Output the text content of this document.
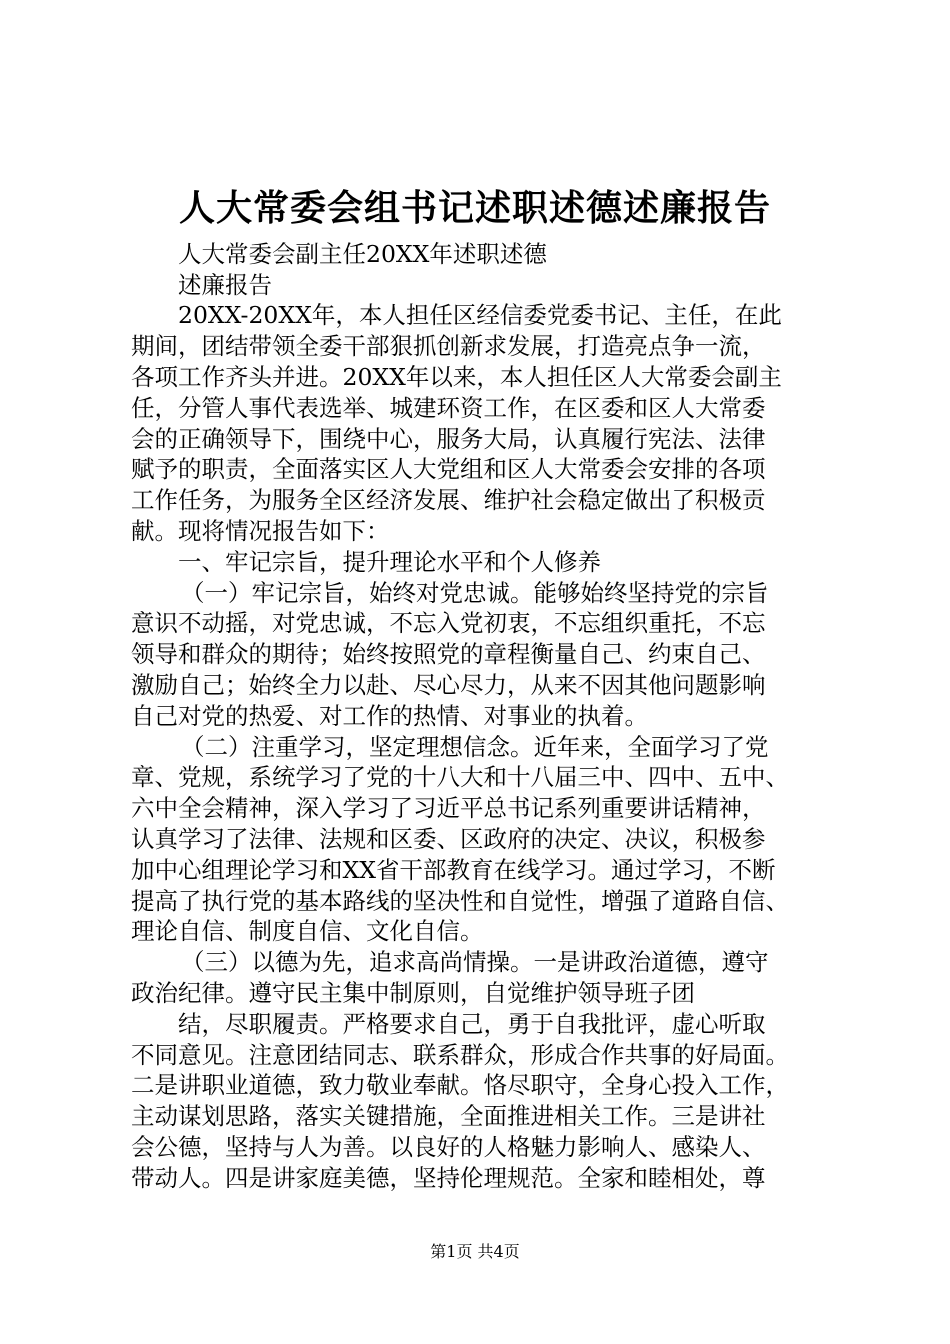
人大常委会组书记述职述德述廉报告

人大常委会副主任20XX年述职述德

述廉报告

20XX-20XX年，本人担任区经信委党委书记、主任，在此

期间，团结带领全委干部狠抓创新求发展，打造亮点争一流，

各项工作齐头并进。20XX年以来，本人担任区人大常委会副主

任，分管人事代表选举、城建环资工作，在区委和区人大常委

会的正确领导下，围绕中心，服务大局，认真履行宪法、法律

赋予的职责，全面落实区人大党组和区人大常委会安排的各项

工作任务，为服务全区经济发展、维护社会稳定做出了积极贡

献。现将情况报告如下：

一、牢记宗旨，提升理论水平和个人修养

（一）牢记宗旨，始终对党忠诚。能够始终坚持党的宗旨

意识不动摇，对党忠诚，不忘入党初衷，不忘组织重托，不忘

领导和群众的期待；始终按照党的章程衡量自己、约束自己、

激励自己；始终全力以赴、尽心尽力，从来不因其他问题影响

自己对党的热爱、对工作的热情、对事业的执着。

（二）注重学习，坚定理想信念。近年来，全面学习了党

章、党规，系统学习了党的十八大和十八届三中、四中、五中、

六中全会精神，深入学习了习近平总书记系列重要讲话精神，

认真学习了法律、法规和区委、区政府的决定、决议，积极参

加中心组理论学习和XX省干部教育在线学习。通过学习，不断

提高了执行党的基本路线的坚决性和自觉性，增强了道路自信、

理论自信、制度自信、文化自信。

（三）以德为先，追求高尚情操。一是讲政治道德，遵守

政治纪律。遵守民主集中制原则，自觉维护领导班子团

结，尽职履责。严格要求自己，勇于自我批评，虚心听取

不同意见。注意团结同志、联系群众，形成合作共事的好局面。

二是讲职业道德，致力敬业奉献。恪尽职守，全身心投入工作，

主动谋划思路，落实关键措施，全面推进相关工作。三是讲社

会公德，坚持与人为善。以良好的人格魅力影响人、感染人、

带动人。四是讲家庭美德，坚持伦理规范。全家和睦相处，尊

第1页 共4页
